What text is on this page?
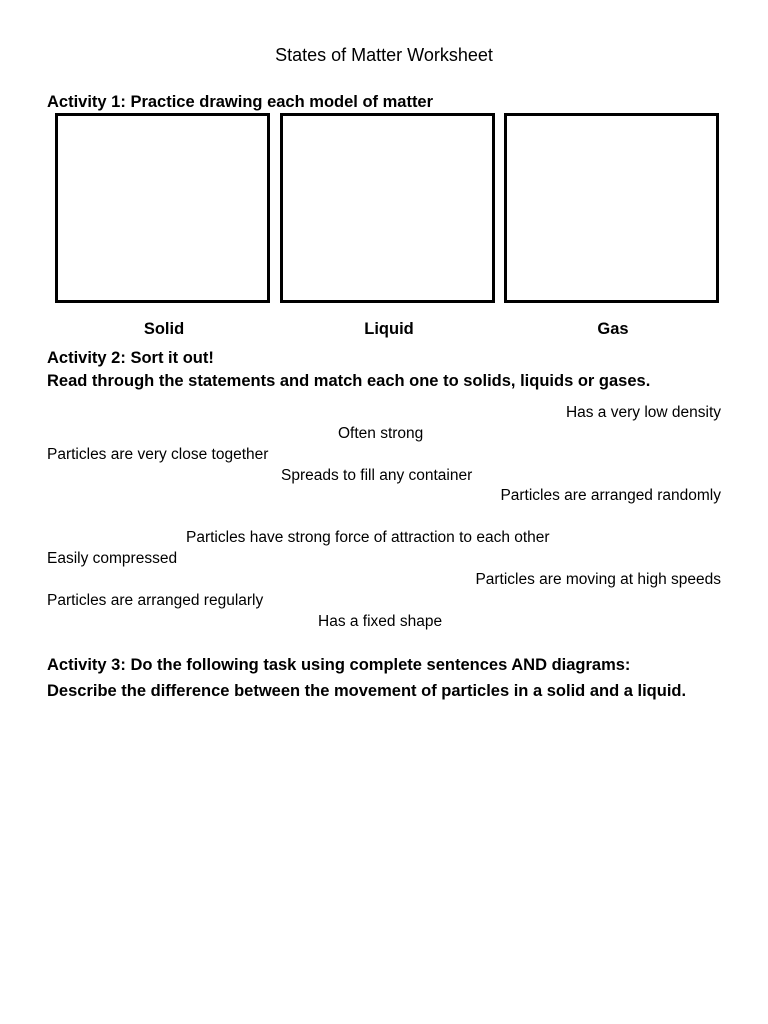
States of Matter Worksheet
Activity 1: Practice drawing each model of matter
Solid	Liquid	Gas
Activity 2: Sort it out!
Read through the statements and match each one to solids, liquids or gases.
Has a very low density
Often strong
Particles are very close together
Spreads to fill any container
Particles are arranged randomly
Particles have strong force of attraction to each other
Easily compressed
Particles are moving at high speeds
Particles are arranged regularly
Has a fixed shape
Activity 3: Do the following task using complete sentences AND diagrams:
Describe the difference between the movement of particles in a solid and a liquid.
